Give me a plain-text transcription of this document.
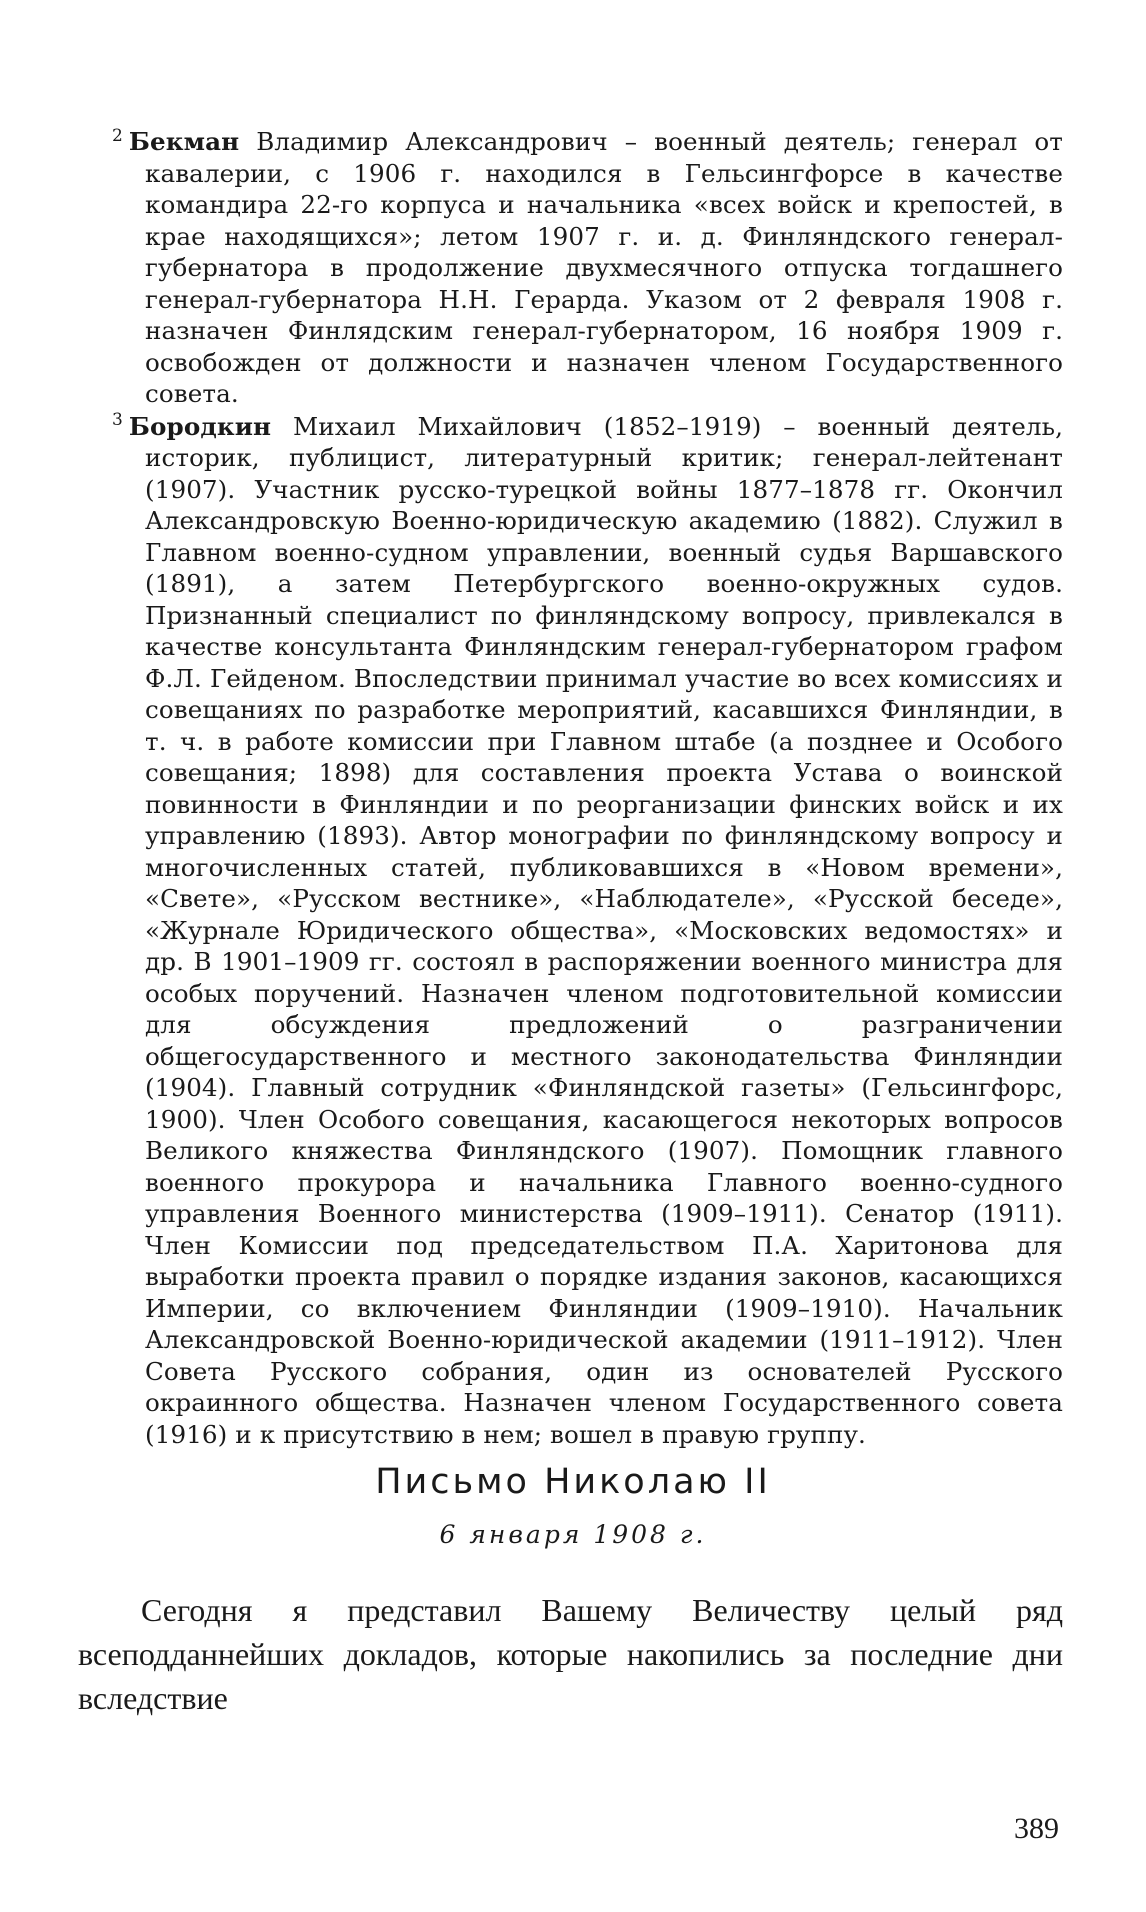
$^2$ Бекман Владимир Александрович – военный деятель; генерал от кавалерии, с 1906 г. находился в Гельсингфорсе в качестве командира 22-го корпуса и начальника «всех войск и крепостей, в крае находящихся»; летом 1907 г. и. д. Финляндского генерал-губернатора в продолжение двухмесячного отпуска тогдашнего генерал-губернатора Н.Н. Герарда. Указом от 2 февраля 1908 г. назначен Финлядским генерал-губернатором, 16 ноября 1909 г. освобожден от должности и назначен членом Государственного совета.

$^3$ Бородкин Михаил Михайлович (1852–1919) – военный деятель, историк, публицист, литературный критик; генерал-лейтенант (1907). Участник русско-турецкой войны 1877–1878 гг. Окончил Александровскую Военно-юридическую академию (1882). Служил в Главном военно-судном управлении, военный судья Варшавского (1891), а затем Петербургского военно-окружных судов. Признанный специалист по финляндскому вопросу, привлекался в качестве консультанта Финляндским генерал-губернатором графом Ф.Л. Гейденом. Впоследствии принимал участие во всех комиссиях и совещаниях по разработке мероприятий, касавшихся Финляндии, в т. ч. в работе комиссии при Главном штабе (а позднее и Особого совещания; 1898) для составления проекта Устава о воинской повинности в Финляндии и по реорганизации финских войск и их управлению (1893). Автор монографии по финляндскому вопросу и многочисленных статей, публиковавшихся в «Новом времени», «Свете», «Русском вестнике», «Наблюдателе», «Русской беседе», «Журнале Юридического общества», «Московских ведомостях» и др. В 1901–1909 гг. состоял в распоряжении военного министра для особых поручений. Назначен членом подготовительной комиссии для обсуждения предложений о разграничении общегосударственного и местного законодательства Финляндии (1904). Главный сотрудник «Финляндской газеты» (Гельсингфорс, 1900). Член Особого совещания, касающегося некоторых вопросов Великого княжества Финляндского (1907). Помощник главного военного прокурора и начальника Главного военно-судного управления Военного министерства (1909–1911). Сенатор (1911). Член Комиссии под председательством П.А. Харитонова для выработки проекта правил о порядке издания законов, касающихся Империи, со включением Финляндии (1909–1910). Начальник Александровской Военно-юридической академии (1911–1912). Член Совета Русского собрания, один из основателей Русского окраинного общества. Назначен членом Государственного совета (1916) и к присутствию в нем; вошел в правую группу.

Письмо Николаю II
6 января 1908 г.

Сегодня я представил Вашему Величеству целый ряд всеподданнейших докладов, которые накопились за последние дни вследствие

389
